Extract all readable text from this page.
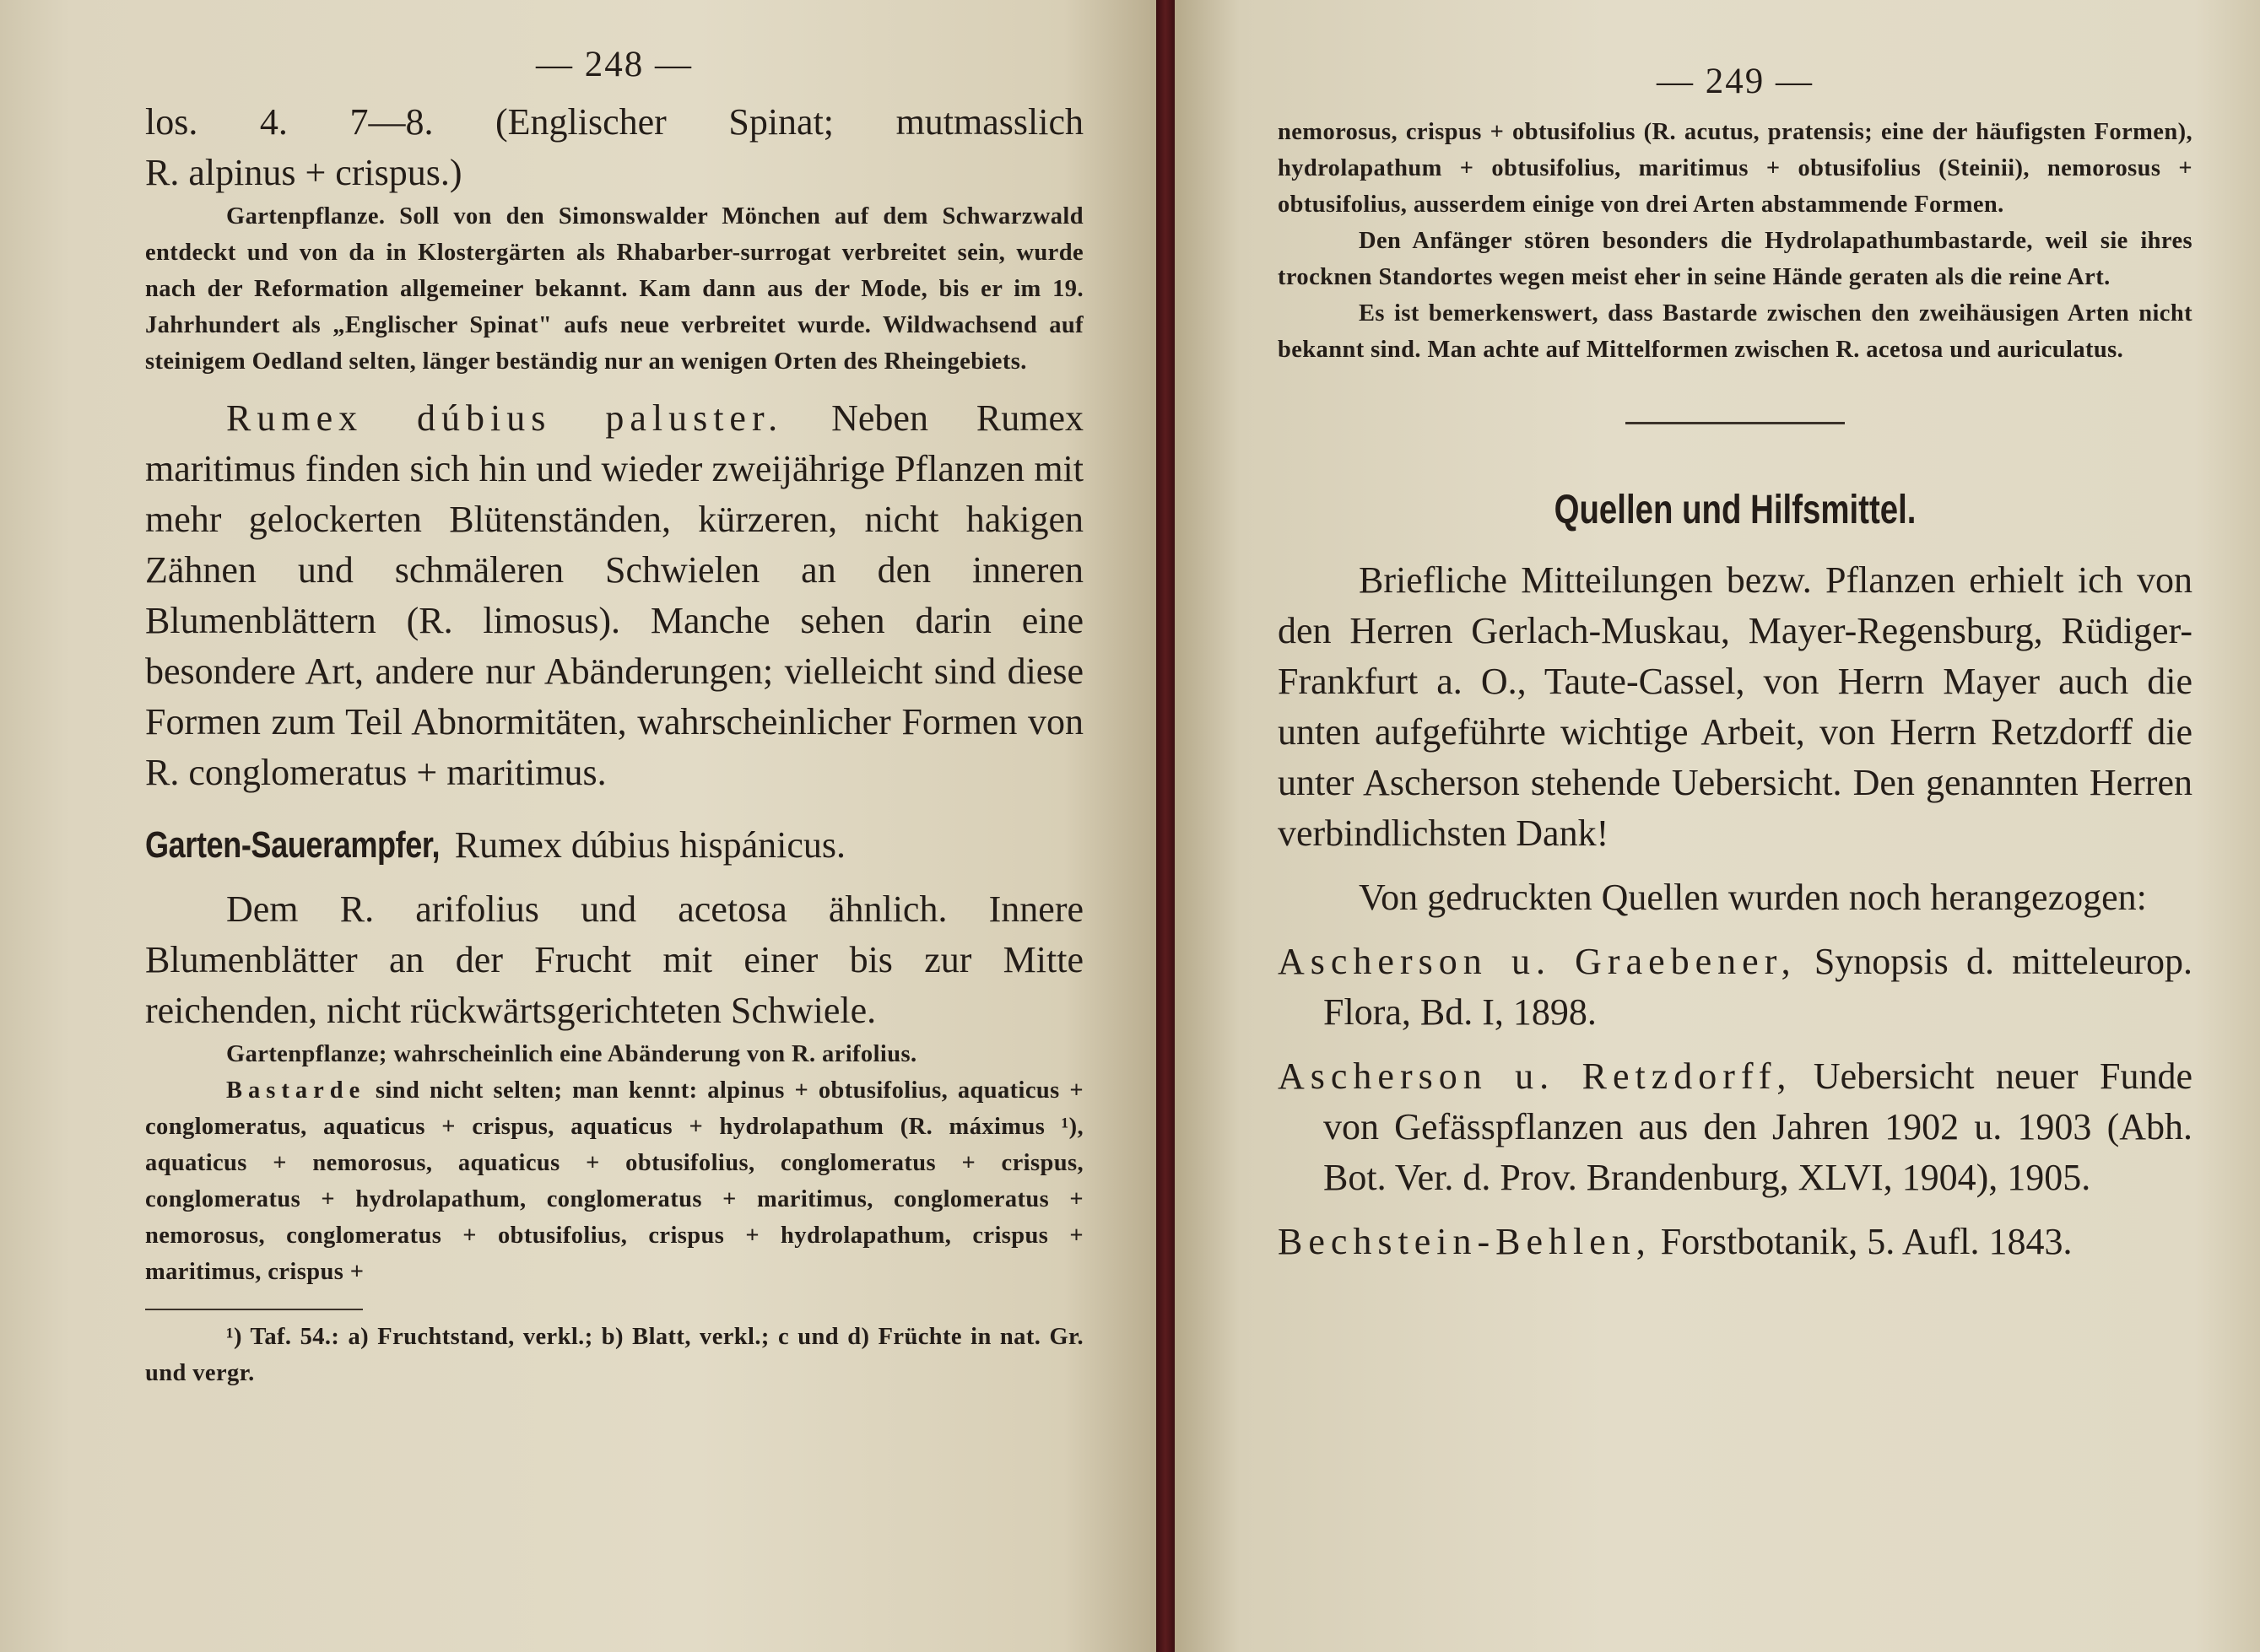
— 248 —

los. 4. 7—8. (Englischer Spinat; mutmasslich

R. alpinus + crispus.)

Gartenpflanze. Soll von den Simonswalder Mönchen auf dem Schwarzwald entdeckt und von da in Klostergärten als Rhabarber-surrogat verbreitet sein, wurde nach der Reformation allgemeiner bekannt. Kam dann aus der Mode, bis er im 19. Jahrhundert als „Englischer Spinat" aufs neue verbreitet wurde. Wildwachsend auf steinigem Oedland selten, länger beständig nur an wenigen Orten des Rheingebiets.

Rumex dúbius paluster. Neben Rumex maritimus finden sich hin und wieder zweijährige Pflanzen mit mehr gelockerten Blütenständen, kürzeren, nicht hakigen Zähnen und schmäleren Schwielen an den inneren Blumenblättern (R. limosus). Manche sehen darin eine besondere Art, andere nur Abänderungen; vielleicht sind diese Formen zum Teil Abnormitäten, wahrscheinlicher Formen von R. conglomeratus + maritimus.

Garten-Sauerampfer, Rumex dúbius hispánicus.

Dem R. arifolius und acetosa ähnlich. Innere Blumenblätter an der Frucht mit einer bis zur Mitte reichenden, nicht rückwärtsgerichteten Schwiele.

Gartenpflanze; wahrscheinlich eine Abänderung von R. arifolius.

Bastarde sind nicht selten; man kennt: alpinus + obtusifolius, aquaticus + conglomeratus, aquaticus + crispus, aquaticus + hydrolapathum (R. máximus ¹), aquaticus + nemorosus, aquaticus + obtusifolius, conglomeratus + crispus, conglomeratus + hydrolapathum, conglomeratus + maritimus, conglomeratus + nemorosus, conglomeratus + obtusifolius, crispus + hydrolapathum, crispus + maritimus, crispus +

¹) Taf. 54.: a) Fruchtstand, verkl.; b) Blatt, verkl.; c und d) Früchte in nat. Gr. und vergr.

— 249 —

nemorosus, crispus + obtusifolius (R. acutus, pratensis; eine der häufigsten Formen), hydrolapathum + obtusifolius, maritimus + obtusifolius (Steinii), nemorosus + obtusifolius, ausserdem einige von drei Arten abstammende Formen.

Den Anfänger stören besonders die Hydrolapathumbastarde, weil sie ihres trocknen Standortes wegen meist eher in seine Hände geraten als die reine Art.

Es ist bemerkenswert, dass Bastarde zwischen den zweihäusigen Arten nicht bekannt sind. Man achte auf Mittelformen zwischen R. acetosa und auriculatus.

Quellen und Hilfsmittel.

Briefliche Mitteilungen bezw. Pflanzen erhielt ich von den Herren Gerlach-Muskau, Mayer-Regensburg, Rüdiger-Frankfurt a. O., Taute-Cassel, von Herrn Mayer auch die unten aufgeführte wichtige Arbeit, von Herrn Retzdorff die unter Ascherson stehende Uebersicht. Den genannten Herren verbindlichsten Dank!

Von gedruckten Quellen wurden noch herangezogen:

Ascherson u. Graebener, Synopsis d. mitteleurop. Flora, Bd. I, 1898.

Ascherson u. Retzdorff, Uebersicht neuer Funde von Gefässpflanzen aus den Jahren 1902 u. 1903 (Abh. Bot. Ver. d. Prov. Brandenburg, XLVI, 1904), 1905.

Bechstein-Behlen, Forstbotanik, 5. Aufl. 1843.
